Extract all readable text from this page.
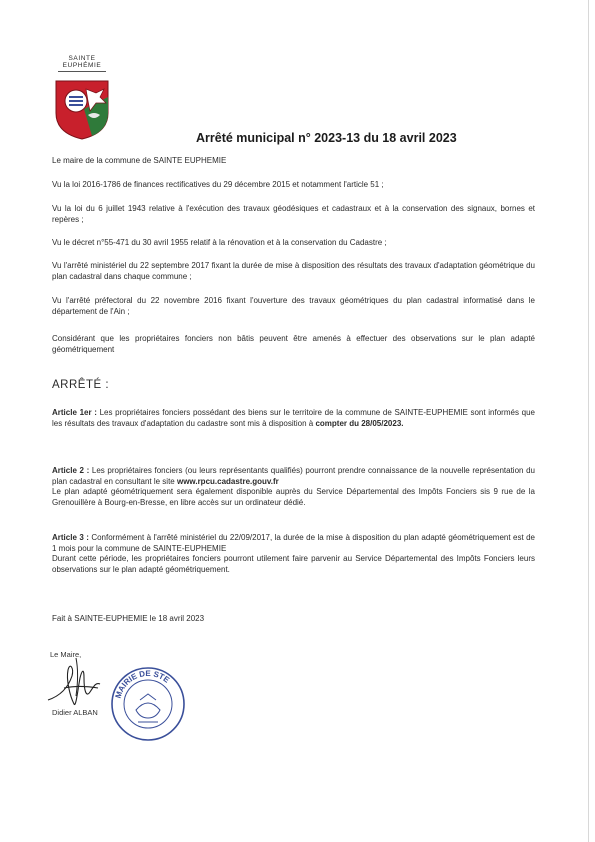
SAINTE
EUPHÉMIE
Arrêté municipal n° 2023-13 du 18 avril 2023
Le maire de la commune de SAINTE EUPHEMIE
Vu la loi 2016-1786 de finances rectificatives du 29 décembre 2015 et notamment l'article 51 ;
Vu la loi du 6 juillet 1943 relative à l'exécution des travaux géodésiques et cadastraux et à la conservation des signaux, bornes et repères ;
Vu le décret n°55-471 du 30 avril 1955 relatif à la rénovation et à la conservation du Cadastre ;
Vu l'arrêté ministériel du 22 septembre 2017 fixant la durée de mise à disposition des résultats des travaux d'adaptation géométrique du plan cadastral dans chaque commune ;
Vu l'arrêté préfectoral du 22 novembre 2016 fixant l'ouverture des travaux géométriques du plan cadastral informatisé dans le département de l'Ain ;
Considérant que les propriétaires fonciers non bâtis peuvent être amenés à effectuer des observations sur le plan adapté géométriquement
ARRÊTÉ :
Article 1er : Les propriétaires fonciers possédant des biens sur le territoire de la commune de SAINTE-EUPHEMIE sont informés que les résultats des travaux d'adaptation du cadastre sont mis à disposition à compter du 28/05/2023.
Article 2 : Les propriétaires fonciers (ou leurs représentants qualifiés) pourront prendre connaissance de la nouvelle représentation du plan cadastral en consultant le site www.rpcu.cadastre.gouv.fr
Le plan adapté géométriquement sera également disponible auprès du Service Départemental des Impôts Fonciers sis 9 rue de la Grenouillère à Bourg-en-Bresse, en libre accès sur un ordinateur dédié.
Article 3 : Conformément à l'arrêté ministériel du 22/09/2017, la durée de la mise à disposition du plan adapté géométriquement est de 1 mois pour la commune de SAINTE-EUPHEMIE
Durant cette période, les propriétaires fonciers pourront utilement faire parvenir au Service Départemental des Impôts Fonciers leurs observations sur le plan adapté géométriquement.
Fait à SAINTE-EUPHEMIE le 18 avril 2023
Le Maire,
Didier ALBAN
MAIRIE DE STE
